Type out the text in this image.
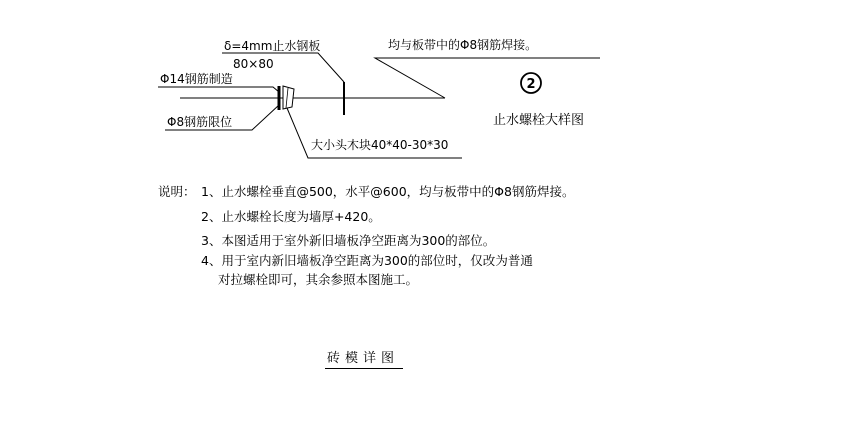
2
δ=4mm止水钢板
80×80
Φ14钢筋制造
Φ8钢筋限位
大小头木块40*40-30*30
均与板带中的Φ8钢筋焊接。
止水螺栓大样图
说明： 1、止水螺栓垂直@500，水平@600，均与板带中的Φ8钢筋焊接。
2、止水螺栓长度为墙厚+420。
3、本图适用于室外新旧墙板净空距离为300的部位。
4、用于室内新旧墙板净空距离为300的部位时，仅改为普通
对拉螺栓即可，其余参照本图施工。
砖模详图
